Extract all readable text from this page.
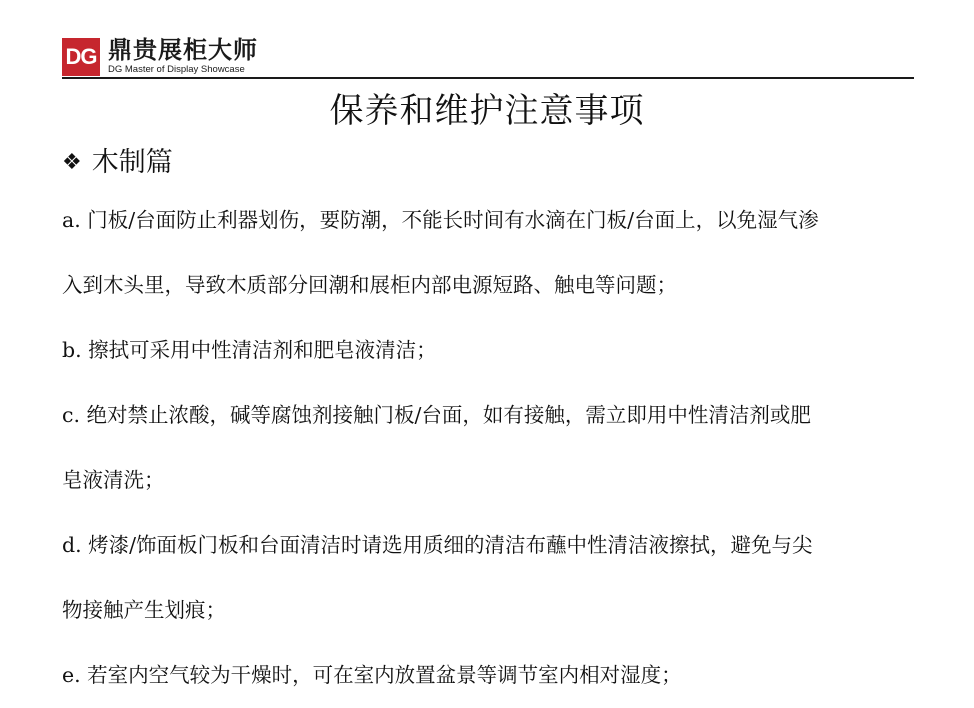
DG 鼎贵展柜大师
DG Master of Display Showcase
保养和维护注意事项
❖ 木制篇

a. 门板/台面防止利器划伤，要防潮，不能长时间有水滴在门板/台面上，以免湿气渗

入到木头里，导致木质部分回潮和展柜内部电源短路、触电等问题；

b. 擦拭可采用中性清洁剂和肥皂液清洁；

c. 绝对禁止浓酸，碱等腐蚀剂接触门板/台面，如有接触，需立即用中性清洁剂或肥

皂液清洗；

d. 烤漆/饰面板门板和台面清洁时请选用质细的清洁布蘸中性清洁液擦拭，避免与尖

物接触产生划痕；

e. 若室内空气较为干燥时，可在室内放置盆景等调节室内相对湿度；
